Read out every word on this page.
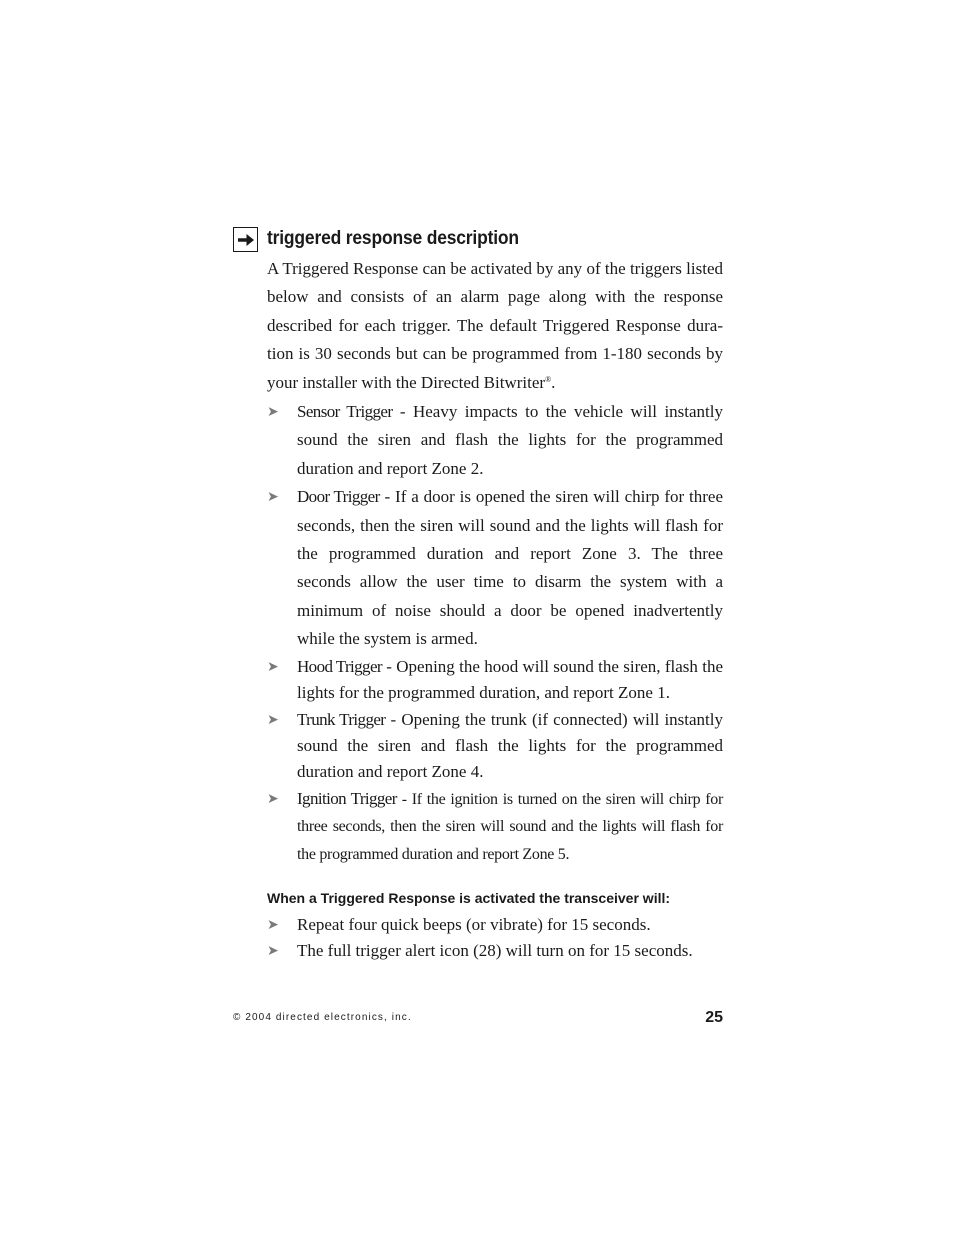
triggered response description

A Triggered Response can be activated by any of the triggers listed below and consists of an alarm page along with the response described for each trigger. The default Triggered Response dura-tion is 30 seconds but can be programmed from 1-180 seconds by your installer with the Directed Bitwriter®.

➤ Sensor Trigger - Heavy impacts to the vehicle will instantly sound the siren and flash the lights for the programmed duration and report Zone 2.
➤ Door Trigger - If a door is opened the siren will chirp for three seconds, then the siren will sound and the lights will flash for the programmed duration and report Zone 3. The three seconds allow the user time to disarm the system with a minimum of noise should a door be opened inadvertently while the system is armed.
➤ Hood Trigger - Opening the hood will sound the siren, flash the lights for the programmed duration, and report Zone 1.
➤ Trunk Trigger - Opening the trunk (if connected) will instantly sound the siren and flash the lights for the programmed duration and report Zone 4.
➤ Ignition Trigger - If the ignition is turned on the siren will chirp for three seconds, then the siren will sound and the lights will flash for the programmed duration and report Zone 5.
When a Triggered Response is activated the transceiver will:
➤ Repeat four quick beeps (or vibrate) for 15 seconds.
➤ The full trigger alert icon (28) will turn on for 15 seconds.
© 2004 directed electronics, inc.	25
